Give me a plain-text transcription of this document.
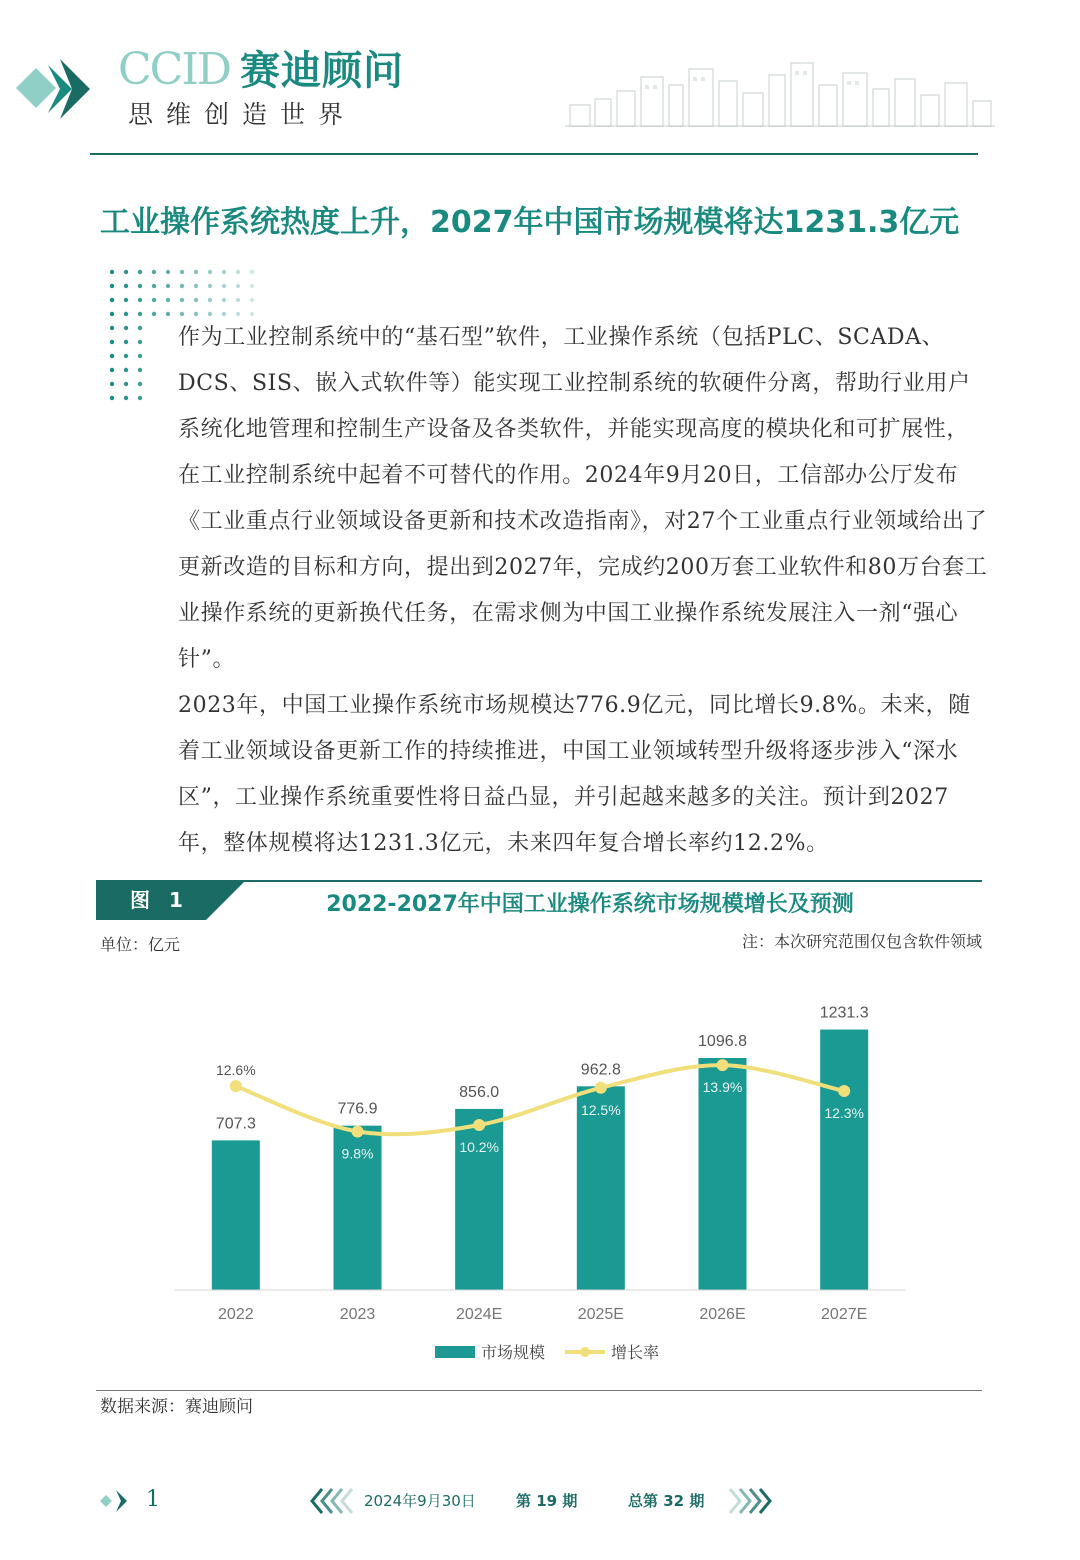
CCID 赛迪顾问
思维创造世界
工业操作系统热度上升，2027年中国市场规模将达1231.3亿元
作为工业控制系统中的“基石型”软件，工业操作系统（包括PLC、SCADA、DCS、SIS、嵌入式软件等）能实现工业控制系统的软硬件分离，帮助行业用户系统化地管理和控制生产设备及各类软件，并能实现高度的模块化和可扩展性，在工业控制系统中起着不可替代的作用。2024年9月20日，工信部办公厅发布《工业重点行业领域设备更新和技术改造指南》，对27个工业重点行业领域给出了更新改造的目标和方向，提出到2027年，完成约200万套工业软件和80万台套工业操作系统的更新换代任务，在需求侧为中国工业操作系统发展注入一剂“强心针”。
2023年，中国工业操作系统市场规模达776.9亿元，同比增长9.8%。未来，随着工业领域设备更新工作的持续推进，中国工业领域转型升级将逐步涉入“深水区”，工业操作系统重要性将日益凸显，并引起越来越多的关注。预计到2027年，整体规模将达1231.3亿元，未来四年复合增长率约12.2%。
图 1	2022-2027年中国工业操作系统市场规模增长及预测
单位：亿元	注：本次研究范围仅包含软件领域
2022	2023	2024E	2025E	2026E	2027E
707.3
776.9
856.0
962.8
1096.8
1231.3
12.6%
9.8%	10.2%
12.5%
13.9%
12.3%
市场规模	增长率
数据来源：赛迪顾问
1	2024年9月30日	第 19 期	总第 32 期
